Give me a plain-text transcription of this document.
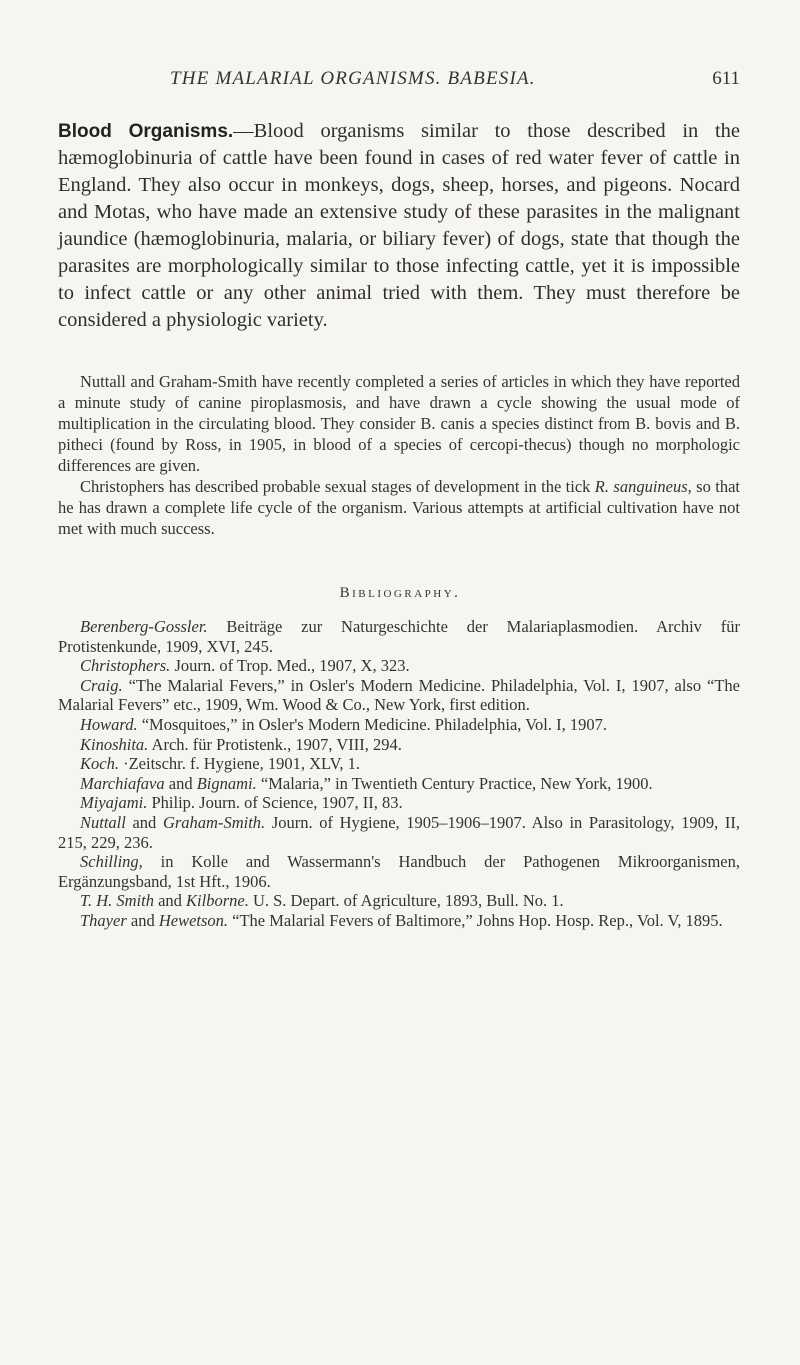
THE MALARIAL ORGANISMS. BABESIA.	611
Blood Organisms.—Blood organisms similar to those described in the hæmoglobinuria of cattle have been found in cases of red water fever of cattle in England. They also occur in monkeys, dogs, sheep, horses, and pigeons. Nocard and Motas, who have made an extensive study of these parasites in the malignant jaundice (hæmoglobinuria, malaria, or biliary fever) of dogs, state that though the parasites are morphologically similar to those infecting cattle, yet it is impossible to infect cattle or any other animal tried with them. They must therefore be considered a physiologic variety.

Nuttall and Graham-Smith have recently completed a series of articles in which they have reported a minute study of canine piroplasmosis, and have drawn a cycle showing the usual mode of multiplication in the circulating blood. They consider B. canis a species distinct from B. bovis and B. pitheci (found by Ross, in 1905, in blood of a species of cercopi-thecus) though no morphologic differences are given.

Christophers has described probable sexual stages of development in the tick R. sanguineus, so that he has drawn a complete life cycle of the organism. Various attempts at artificial cultivation have not met with much success.

Bibliography.

Berenberg-Gossler. Beiträge zur Naturgeschichte der Malariaplasmodien. Archiv für Protistenkunde, 1909, XVI, 245.

Christophers. Journ. of Trop. Med., 1907, X, 323.

Craig. “The Malarial Fevers,” in Osler's Modern Medicine. Philadelphia, Vol. I, 1907, also “The Malarial Fevers” etc., 1909, Wm. Wood & Co., New York, first edition.

Howard. “Mosquitoes,” in Osler's Modern Medicine. Philadelphia, Vol. I, 1907.

Kinoshita. Arch. für Protistenk., 1907, VIII, 294.

Koch. ·Zeitschr. f. Hygiene, 1901, XLV, 1.

Marchiafava and Bignami. “Malaria,” in Twentieth Century Practice, New York, 1900.

Miyajami. Philip. Journ. of Science, 1907, II, 83.

Nuttall and Graham-Smith. Journ. of Hygiene, 1905–1906–1907. Also in Parasitology, 1909, II, 215, 229, 236.

Schilling, in Kolle and Wassermann's Handbuch der Pathogenen Mikroorganismen, Ergänzungsband, 1st Hft., 1906.

T. H. Smith and Kilborne. U. S. Depart. of Agriculture, 1893, Bull. No. 1.

Thayer and Hewetson. “The Malarial Fevers of Baltimore,” Johns Hop. Hosp. Rep., Vol. V, 1895.
